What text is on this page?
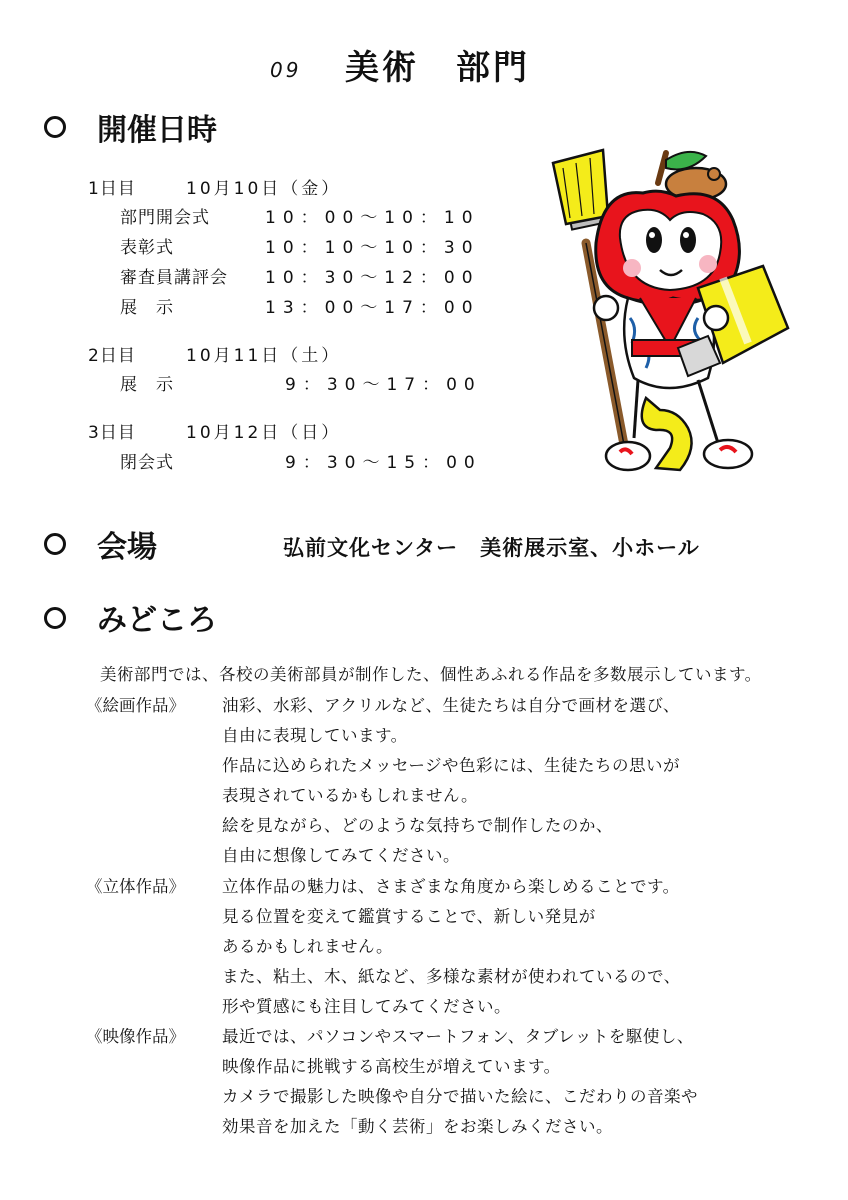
09 美術　部門
開催日時
1日目	10月10日（金）
部門開会式	10：00～10：10
表彰式	10：10～10：30
審査員講評会 10：30～12：00
展　示	13：00～17：00
2日目	10月11日（土）
展　示	9：30～17：00
3日目	10月12日（日）
閉会式	9：30～15：00
会場	弘前文化センター　美術展示室、小ホール
みどころ
美術部門では、各校の美術部員が制作した、個性あふれる作品を多数展示しています。
《絵画作品》 油彩、水彩、アクリルなど、生徒たちは自分で画材を選び、
自由に表現しています。
作品に込められたメッセージや色彩には、生徒たちの思いが
表現されているかもしれません。
絵を見ながら、どのような気持ちで制作したのか、
自由に想像してみてください。
《立体作品》 立体作品の魅力は、さまざまな角度から楽しめることです。
見る位置を変えて鑑賞することで、新しい発見が
あるかもしれません。
また、粘土、木、紙など、多様な素材が使われているので、
形や質感にも注目してみてください。
《映像作品》 最近では、パソコンやスマートフォン、タブレットを駆使し、
映像作品に挑戦する高校生が増えています。
カメラで撮影した映像や自分で描いた絵に、こだわりの音楽や
効果音を加えた「動く芸術」をお楽しみください。
